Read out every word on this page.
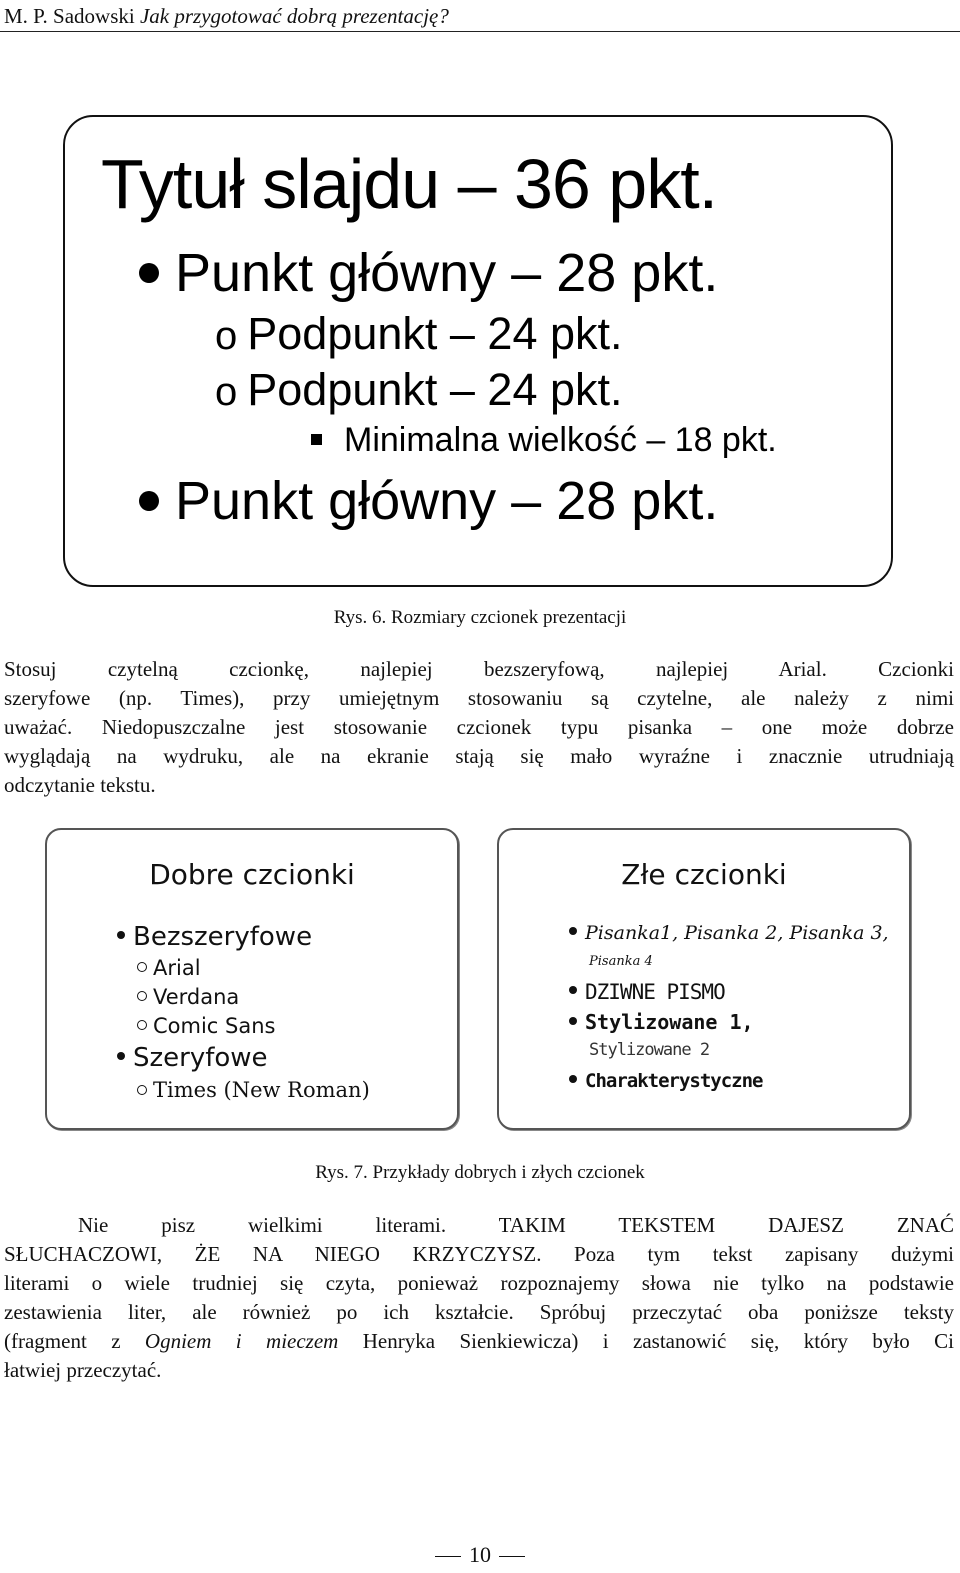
M. P. Sadowski Jak przygotować dobrą prezentację?
Tytuł slajdu – 36 pkt.
Punkt główny – 28 pkt.
o Podpunkt – 24 pkt.
o Podpunkt – 24 pkt.
Minimalna wielkość – 18 pkt.
Punkt główny – 28 pkt.
Rys. 6. Rozmiary czcionek prezentacji
Stosuj czytelną czcionkę, najlepiej bezszeryfową, najlepiej Arial. Czcionki
szeryfowe (np. Times), przy umiejętnym stosowaniu są czytelne, ale należy z nimi
uważać. Niedopuszczalne jest stosowanie czcionek typu pisanka – one może dobrze
wyglądają na wydruku, ale na ekranie stają się mało wyraźne i znacznie utrudniają
odczytanie tekstu.
Dobre czcionki
Bezszeryfowe
Arial
Verdana
Comic Sans
Szeryfowe
Times (New Roman)
Złe czcionki
Pisanka1, Pisanka 2, Pisanka 3,
Pisanka 4
DZIWNE PISMO
Stylizowane 1,
Stylizowane 2
Charakterystyczne
Rys. 7. Przykłady dobrych i złych czcionek
Nie pisz wielkimi literami. TAKIM TEKSTEM DAJESZ ZNAĆ
SŁUCHACZOWI, ŻE NA NIEGO KRZYCZYSZ. Poza tym tekst zapisany dużymi
literami o wiele trudniej się czyta, ponieważ rozpoznajemy słowa nie tylko na podstawie
zestawienia liter, ale również po ich kształcie. Spróbuj przeczytać oba poniższe teksty
(fragment z Ogniem i mieczem Henryka Sienkiewicza) i zastanowić się, który było Ci
łatwiej przeczytać.
10
